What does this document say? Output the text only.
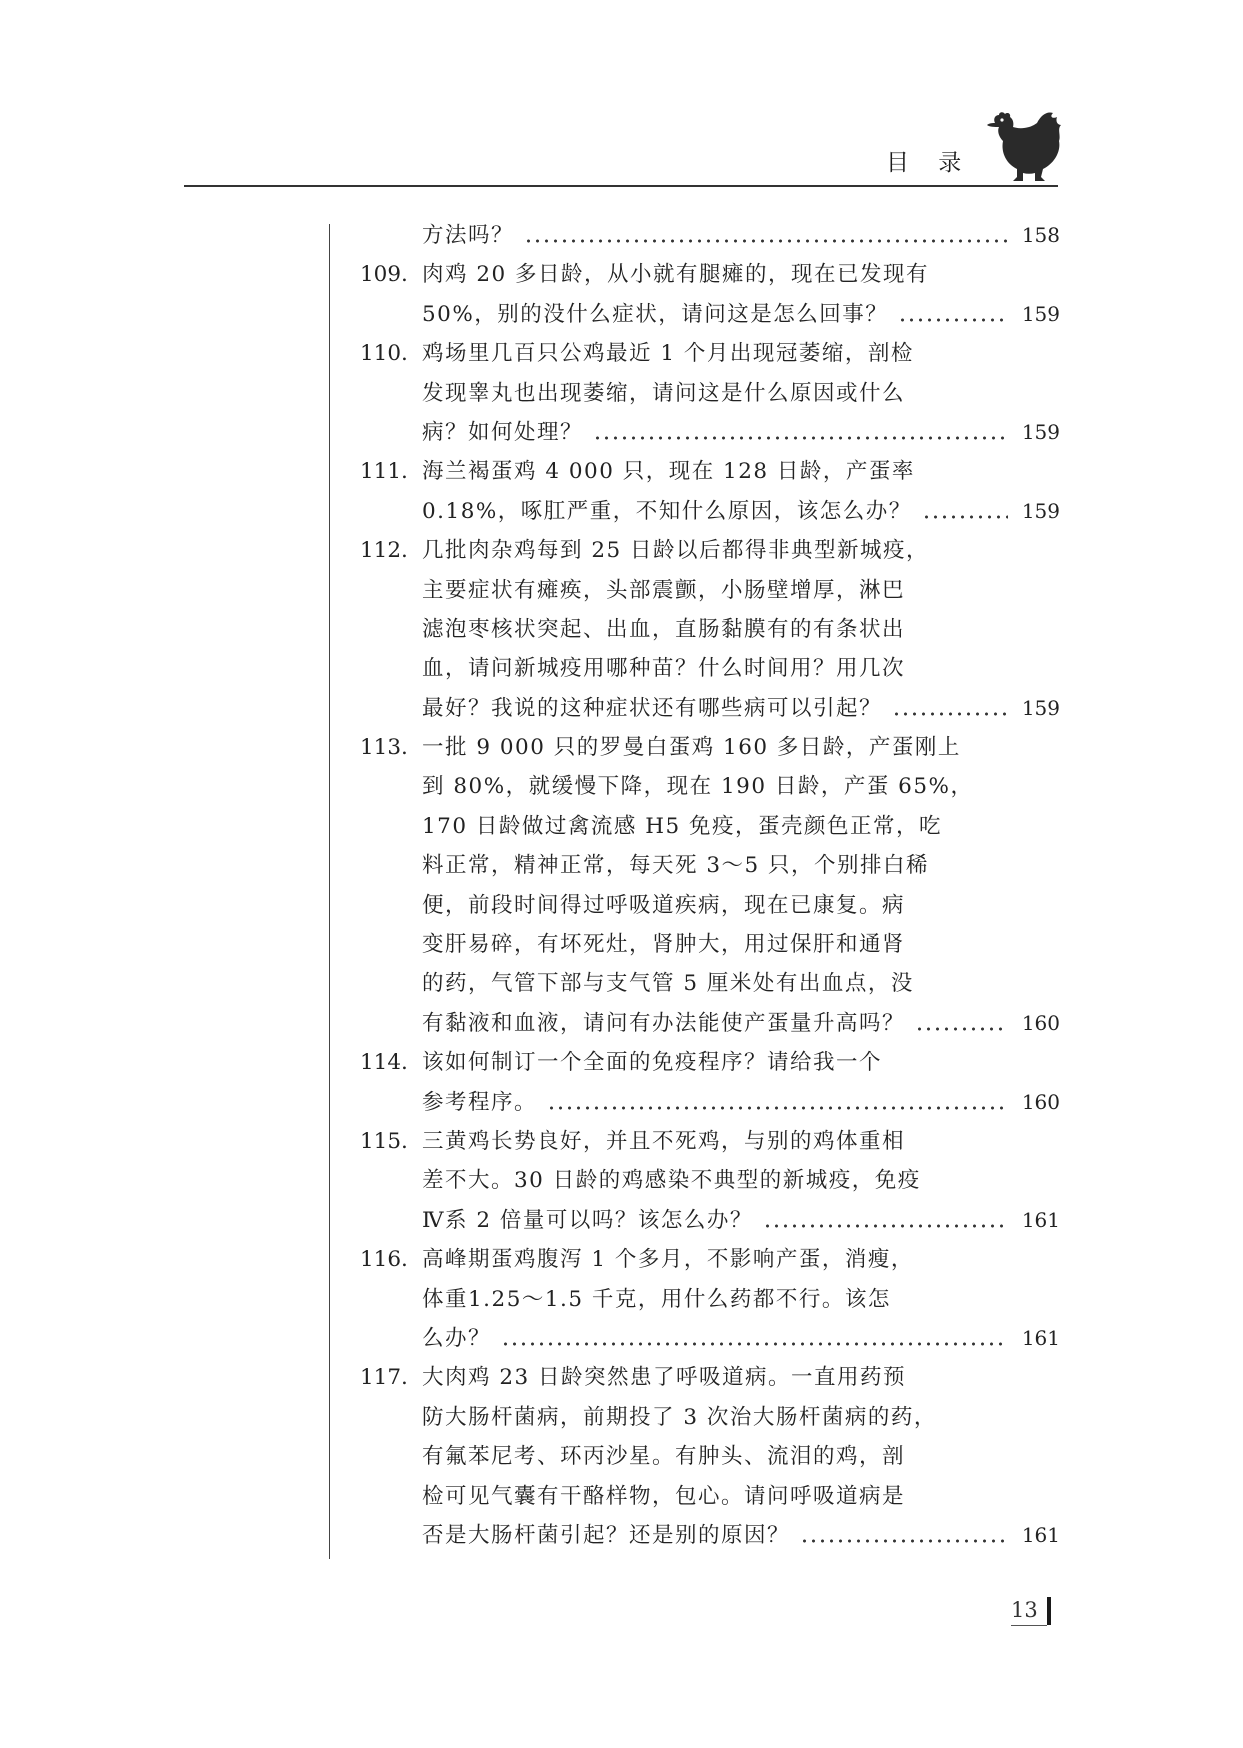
目    录
方法吗？	158
109. 肉鸡 20 多日龄，从小就有腿瘫的，现在已发现有
50%，别的没什么症状，请问这是怎么回事？	159
110. 鸡场里几百只公鸡最近 1 个月出现冠萎缩，剖检
发现睾丸也出现萎缩，请问这是什么原因或什么
病？如何处理？	159
111. 海兰褐蛋鸡 4 000 只，现在 128 日龄，产蛋率
0.18%，啄肛严重，不知什么原因，该怎么办？	159
112. 几批肉杂鸡每到 25 日龄以后都得非典型新城疫，
主要症状有瘫痪，头部震颤，小肠壁增厚，淋巴
滤泡枣核状突起、出血，直肠黏膜有的有条状出
血，请问新城疫用哪种苗？什么时间用？用几次
最好？我说的这种症状还有哪些病可以引起？	159
113. 一批 9 000 只的罗曼白蛋鸡 160 多日龄，产蛋刚上
到 80%，就缓慢下降，现在 190 日龄，产蛋 65%，
170 日龄做过禽流感 H5 免疫，蛋壳颜色正常，吃
料正常，精神正常，每天死 3～5 只，个别排白稀
便，前段时间得过呼吸道疾病，现在已康复。病
变肝易碎，有坏死灶，肾肿大，用过保肝和通肾
的药，气管下部与支气管 5 厘米处有出血点，没
有黏液和血液，请问有办法能使产蛋量升高吗？	160
114. 该如何制订一个全面的免疫程序？请给我一个
参考程序。	160
115. 三黄鸡长势良好，并且不死鸡，与别的鸡体重相
差不大。30 日龄的鸡感染不典型的新城疫，免疫
Ⅳ系 2 倍量可以吗？该怎么办？	161
116. 高峰期蛋鸡腹泻 1 个多月，不影响产蛋，消瘦，
体重1.25～1.5 千克，用什么药都不行。该怎
么办？	161
117. 大肉鸡 23 日龄突然患了呼吸道病。一直用药预
防大肠杆菌病，前期投了 3 次治大肠杆菌病的药，
有氟苯尼考、环丙沙星。有肿头、流泪的鸡，剖
检可见气囊有干酪样物，包心。请问呼吸道病是
否是大肠杆菌引起？还是别的原因？	161
13
